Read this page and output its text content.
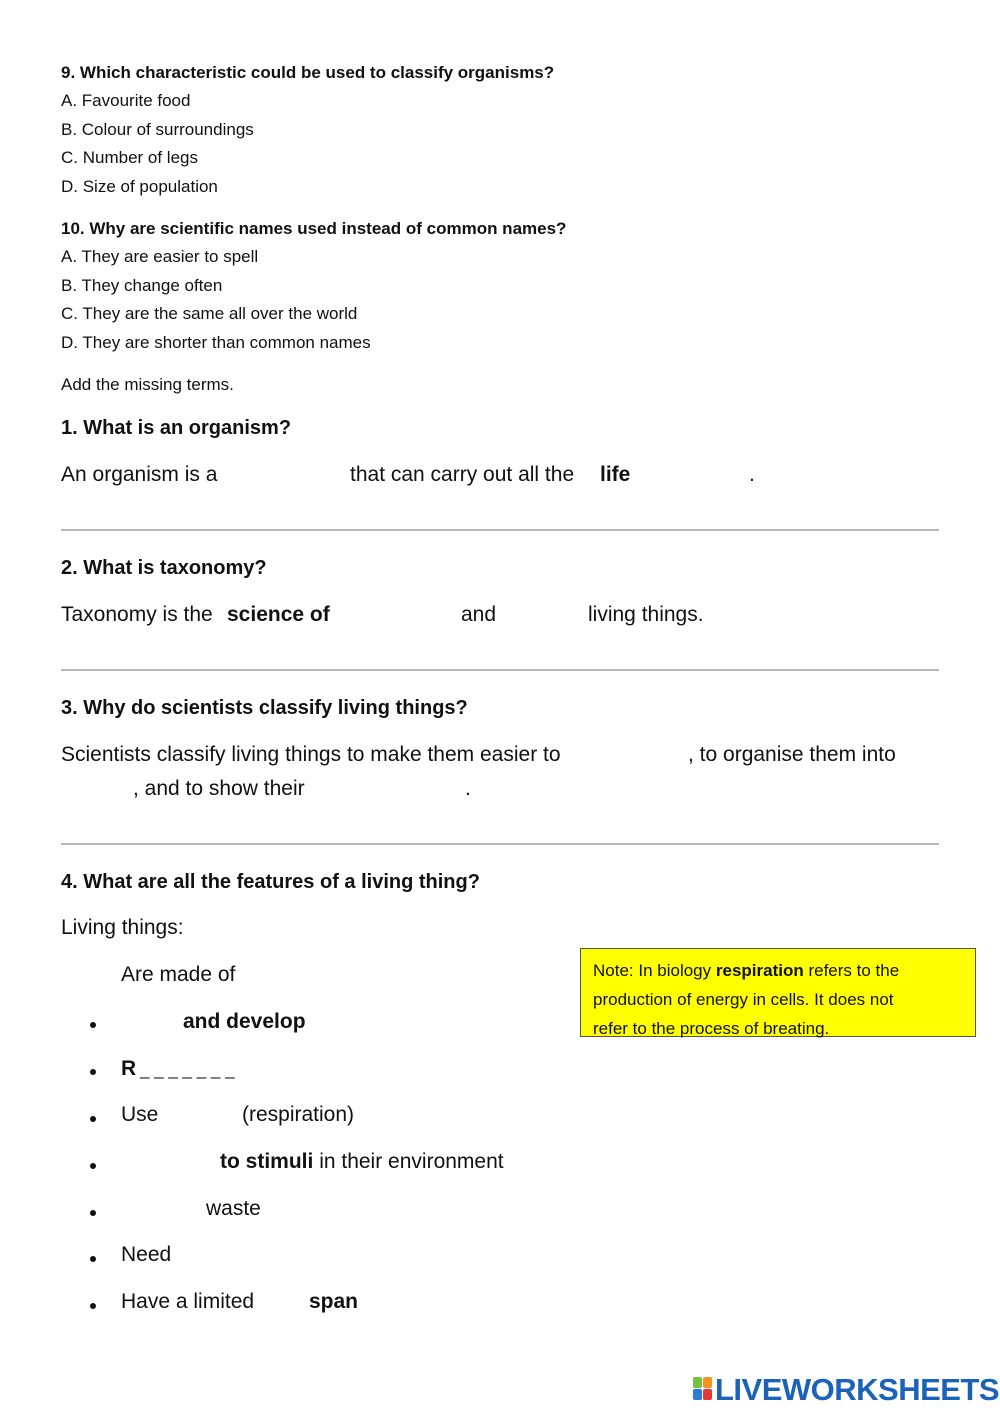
9. Which characteristic could be used to classify organisms?
A. Favourite food
B. Colour of surroundings
C. Number of legs
D. Size of population
10. Why are scientific names used instead of common names?
A. They are easier to spell
B. They change often
C. They are the same all over the world
D. They are shorter than common names
Add the missing terms.
1. What is an organism?
An organism is a	that can carry out all the life	.
2. What is taxonomy?
Taxonomy is the science of	and	living things.
3. Why do scientists classify living things?
Scientists classify living things to make them easier to	, to organise them into
, and to show their	.
4. What are all the features of a living thing?
Living things:
Are made of
and develop
R _ _ _ _ _ _ _
Use	(respiration)
to stimuli in their environment
waste
Need
Have a limited	span
Note: In biology respiration refers to the
production of energy in cells. It does not
refer to the process of breating.
LIVEWORKSHEETS
